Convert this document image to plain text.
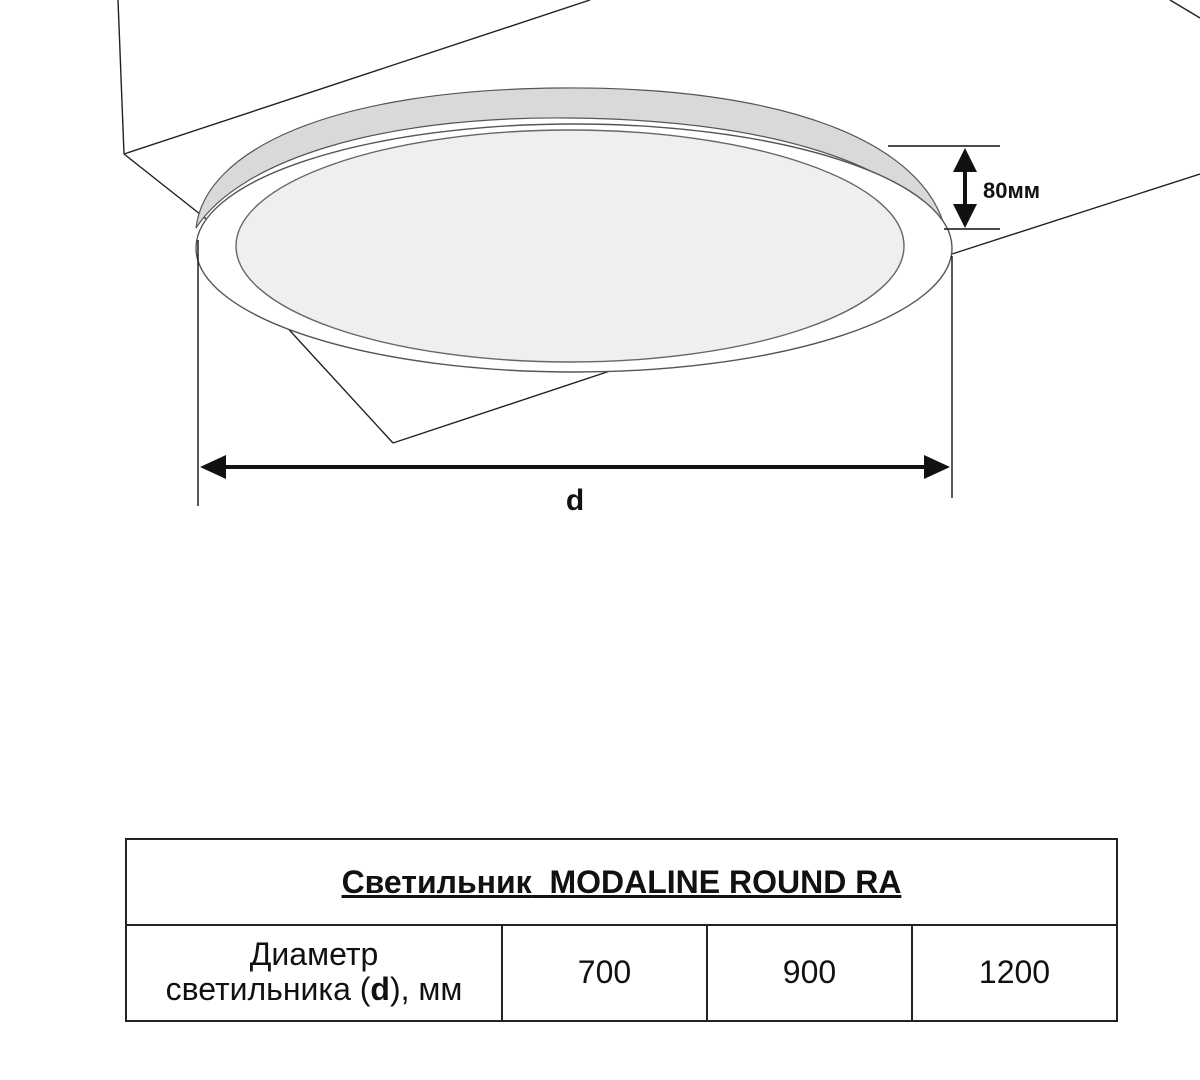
80мм
d
Светильник MODALINE ROUND RA
Диаметр
светильника (d), мм	700	900	1200
